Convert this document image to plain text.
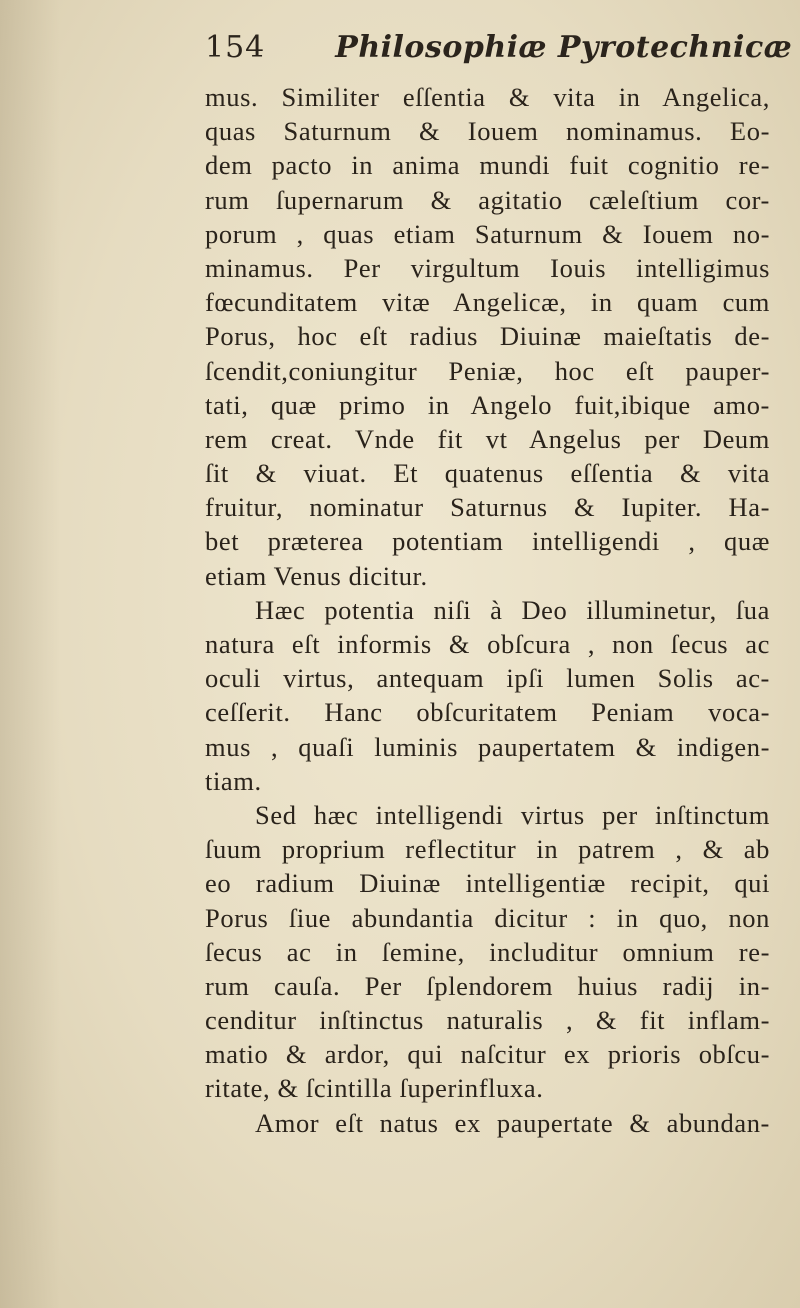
154 Philosophiæ Pyrotechnicæ
mus. Similiter eſſentia & vita in Angelica,
quas Saturnum & Iouem nominamus. Eo-
dem pacto in anima mundi fuit cognitio re-
rum ſupernarum & agitatio cæleſtium cor-
porum , quas etiam Saturnum & Iouem no-
minamus. Per virgultum Iouis intelligimus
fœcunditatem vitæ Angelicæ, in quam cum
Porus, hoc eſt radius Diuinæ maieſtatis de-
ſcendit,coniungitur Peniæ, hoc eſt pauper-
tati, quæ primo in Angelo fuit,ibique amo-
rem creat. Vnde fit vt Angelus per Deum
ſit & viuat. Et quatenus eſſentia & vita
fruitur, nominatur Saturnus & Iupiter. Ha-
bet præterea potentiam intelligendi , quæ
etiam Venus dicitur.
Hæc potentia niſi à Deo illuminetur, ſua
natura eſt informis & obſcura , non ſecus ac
oculi virtus, antequam ipſi lumen Solis ac-
ceſſerit. Hanc obſcuritatem Peniam voca-
mus , quaſi luminis paupertatem & indigen-
tiam.
Sed hæc intelligendi virtus per inſtinctum
ſuum proprium reflectitur in patrem , & ab
eo radium Diuinæ intelligentiæ recipit, qui
Porus ſiue abundantia dicitur : in quo, non
ſecus ac in ſemine, includitur omnium re-
rum cauſa. Per ſplendorem huius radij in-
cenditur inſtinctus naturalis , & fit inflam-
matio & ardor, qui naſcitur ex prioris obſcu-
ritate, & ſcintilla ſuperinfluxa.
Amor eſt natus ex paupertate & abundan-
